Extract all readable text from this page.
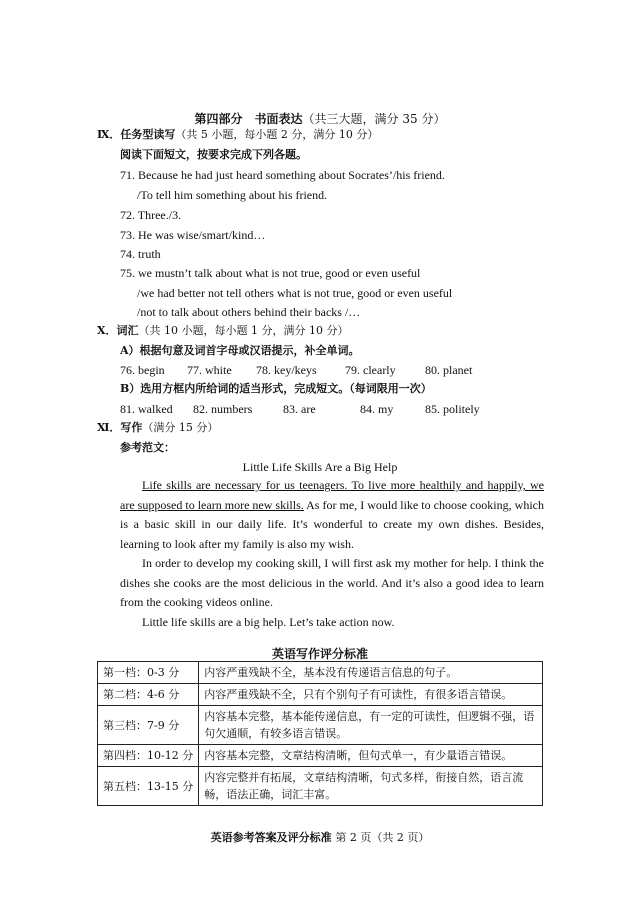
第四部分　书面表达（共三大题，满分 35 分）
Ⅸ．任务型读写（共 5 小题，每小题 2 分，满分 10 分）
阅读下面短文，按要求完成下列各题。
71. Because he had just heard something about Socrates’/his friend.
/To tell him something about his friend.
72. Three./3.
73. He was wise/smart/kind…
74. truth
75. we mustn’t talk about what is not true, good or even useful
/we had better not tell others what is not true, good or even useful
/not to talk about others behind their backs /…
Ⅹ．词汇（共 10 小题，每小题 1 分，满分 10 分）
A）根据句意及词首字母或汉语提示，补全单词。
76. begin 77. white 78. key/keys 79. clearly 80. planet
B）选用方框内所给词的适当形式，完成短文。（每词限用一次）
81. walked 82. numbers	83. are	84. my	85. politely
Ⅺ．写作（满分 15 分）
参考范文：
Little Life Skills Are a Big Help

Life skills are necessary for us teenagers. To live more healthily and happily, we are supposed to learn more new skills. As for me, I would like to choose cooking, which is a basic skill in our daily life. It’s wonderful to create my own dishes. Besides, learning to look after my family is also my wish.

In order to develop my cooking skill, I will first ask my mother for help. I think the dishes she cooks are the most delicious in the world. And it’s also a good idea to learn from the cooking videos online.

Little life skills are a big help. Let’s take action now.

英语写作评分标准
第一档：0-3 分	内容严重残缺不全，基本没有传递语言信息的句子。
第二档：4-6 分	内容严重残缺不全，只有个别句子有可读性，有很多语言错误。
第三档：7-9 分	内容基本完整，基本能传递信息，有一定的可读性，但逻辑不强，语句欠通顺，有较多语言错误。
第四档：10-12 分	内容基本完整，文章结构清晰，但句式单一，有少量语言错误。
第五档：13-15 分	内容完整并有拓展，文章结构清晰，句式多样，衔接自然，语言流畅，语法正确，词汇丰富。
英语参考答案及评分标准 第 2 页（共 2 页）
